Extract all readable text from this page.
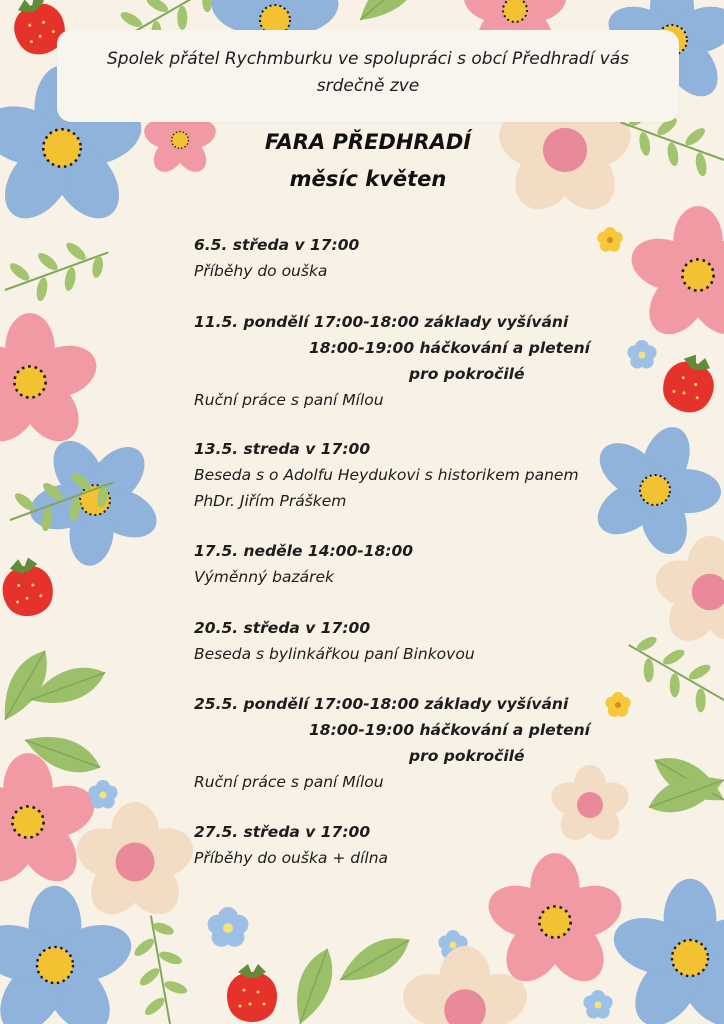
Spolek přátel Rychmburku ve spolupráci s obcí Předhradí vás
srdečně zve
FARA PŘEDHRADÍ
měsíc květen
6.5. středa v 17:00
Příběhy do ouška
11.5. pondělí 17:00-18:00 základy vyšíváni
18:00-19:00 háčkování a pletení
pro pokročilé
Ruční práce s paní Mílou
13.5. streda v 17:00
Beseda s o Adolfu Heydukovi s historikem panem
PhDr. Jiřím Práškem
17.5. neděle 14:00-18:00
Výměnný bazárek
20.5. středa v 17:00
Beseda s bylinkářkou paní Binkovou
25.5. pondělí 17:00-18:00 základy vyšíváni
18:00-19:00 háčkování a pletení
pro pokročilé
Ruční práce s paní Mílou
27.5. středa v 17:00
Příběhy do ouška + dílna
